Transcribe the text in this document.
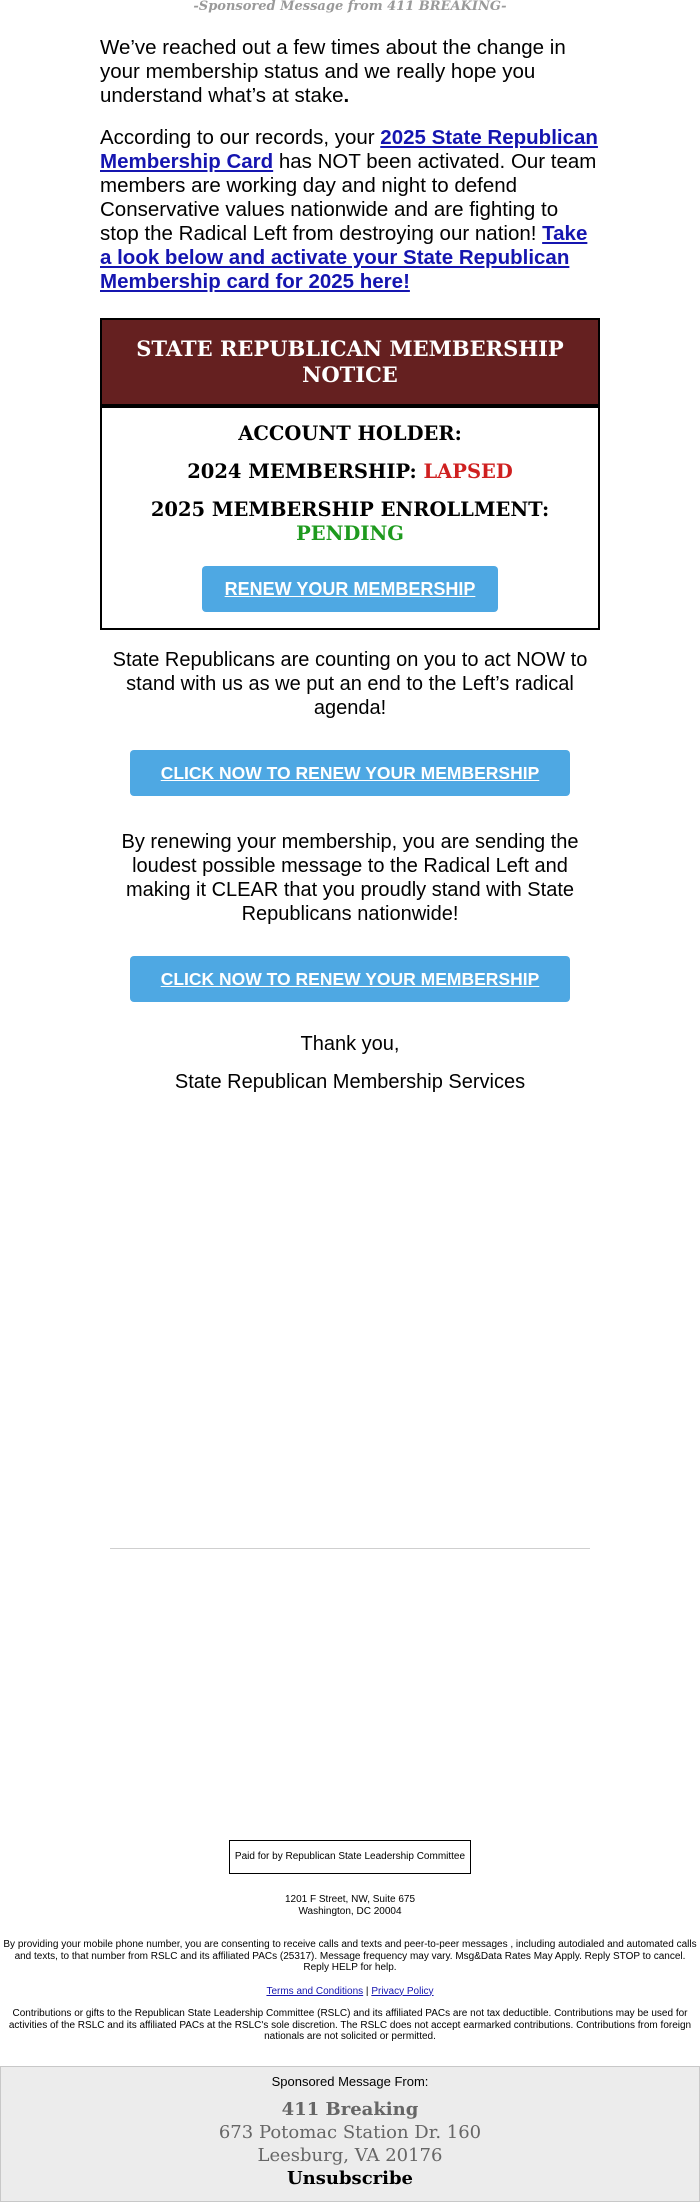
-Sponsored Message from 411 BREAKING-

We’ve reached out a few times about the change in your membership status and we really hope you understand what’s at stake.

According to our records, your 2025 State Republican Membership Card has NOT been activated. Our team members are working day and night to defend Conservative values nationwide and are fighting to stop the Radical Left from destroying our nation! Take a look below and activate your State Republican Membership card for 2025 here!

STATE REPUBLICAN MEMBERSHIP NOTICE
ACCOUNT HOLDER:
2024 MEMBERSHIP: LAPSED
2025 MEMBERSHIP ENROLLMENT:
PENDING
RENEW YOUR MEMBERSHIP
State Republicans are counting on you to act NOW to stand with us as we put an end to the Left’s radical agenda!
CLICK NOW TO RENEW YOUR MEMBERSHIP
By renewing your membership, you are sending the loudest possible message to the Radical Left and making it CLEAR that you proudly stand with State Republicans nationwide!
CLICK NOW TO RENEW YOUR MEMBERSHIP
Thank you,
State Republican Membership Services
Paid for by Republican State Leadership Committee
1201 F Street, NW, Suite 675
Washington, DC 20004
By providing your mobile phone number, you are consenting to receive calls and texts and peer-to-peer messages , including autodialed and automated calls and texts, to that number from RSLC and its affiliated PACs (25317). Message frequency may vary. Msg&Data Rates May Apply. Reply STOP to cancel. Reply HELP for help.
Terms and Conditions | Privacy Policy
Contributions or gifts to the Republican State Leadership Committee (RSLC) and its affiliated PACs are not tax deductible. Contributions may be used for activities of the RSLC and its affiliated PACs at the RSLC's sole discretion. The RSLC does not accept earmarked contributions. Contributions from foreign nationals are not solicited or permitted.
Sponsored Message From:
411 Breaking
673 Potomac Station Dr. 160
Leesburg, VA 20176
Unsubscribe
